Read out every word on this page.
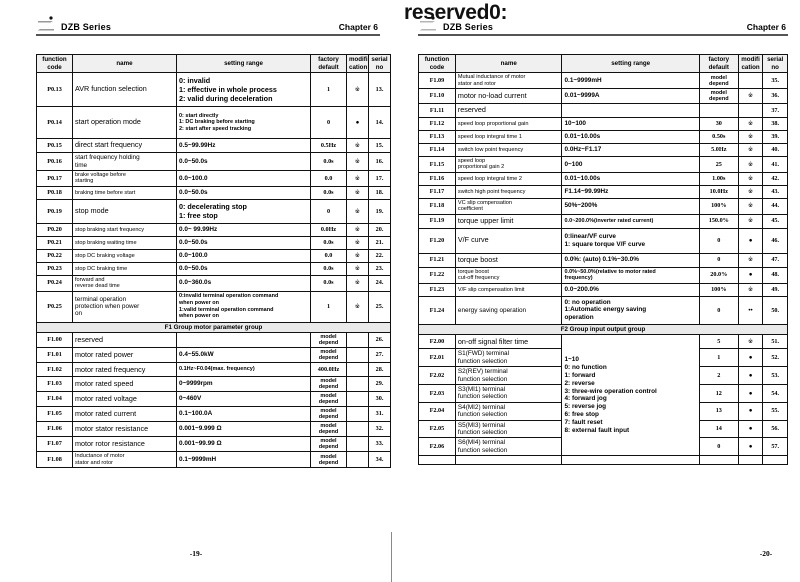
DZB Series	Chapter 6
function code	name	setting range	factory default	modifi cation	serial no
P0.13	AVR function selection	0: invalid
1: effective in whole process
2: valid during deceleration	1	※	13.
P0.14	start operation mode	0: start directly
1: DC braking before starting
2: start after speed tracking	0	●	14.
P0.15	direct start frequency	0.5~99.99Hz	0.5Hz	※	15.
P0.16	start frequency holding
time	0.0~50.0s	0.0s	※	16.
P0.17	brake voltage before
starting	0.0~100.0	0.0	※	17.
P0.18	braking time before start	0.0~50.0s	0.0s	※	18.
P0.19	stop mode	0: decelerating stop
1: free stop	0	※	19.
P0.20	stop braking start frequency	0.0~ 99.99Hz	0.0Hz	※	20.
P0.21	stop braking waiting time	0.0~50.0s	0.0s	※	21.
P0.22	stop DC braking voltage	0.0~100.0	0.0	※	22.
P0.23	stop DC braking time	0.0~50.0s	0.0s	※	23.
P0.24	forward and
reverse dead time	0.0~360.0s	0.0s	※	24.
P0.25	terminal operation
protection when power
on	0:invalid terminal operation command
when power on
1:valid terminal operation command
when power on	1	※	25.
F1 Group motor parameter group					
F1.00	reserved		model
depend		26.
F1.01	motor rated power	0.4~55.0kW	model
depend		27.
F1.02	motor rated frequency	0.1Hz~F0.04(max. frequency)	400.0Hz		28.
F1.03	motor rated speed	0~9999rpm	model
depend		29.
F1.04	motor rated voltage	0~460V	model
depend		30.
F1.05	motor rated current	0.1~100.0A	model
depend		31.
F1.06	motor stator resistance	0.001~9.999 Ω	model
depend		32.
F1.07	motor rotor resistance	0.001~99.99 Ω	model
depend		33.
F1.08	Inductance of motor
stator and rotor	0.1~9999mH	model
depend		34.
-19-
DZB Series	Chapter 6
function code	name	setting range	factory default	modifi cation	serial no
F1.09	Mutual inductance of motor
stator and rotor	0.1~9999mH	model
depend		35.
F1.10	motor no-load current	0.01~9999A	model
depend	※	36.
F1.11	reserved				37.
F1.12	speed loop proportional gain	10~100	30	※	38.
F1.13	speed loop integral time 1	0.01~10.00s	0.50s	※	39.
F1.14	switch low point frequency	0.0Hz~F1.17	5.0Hz	※	40.
F1.15	speed loop
proportional gain 2	0~100	25	※	41.
F1.16	speed loop integral time 2	0.01~10.00s	1.00s	※	42.
F1.17	switch high point frequency	F1.14~99.99Hz	10.0Hz	※	43.
F1.18	VC slip compensation
coefficient	50%~200%	100%	※	44.
F1.19	torque upper limit	0.0~200.0%(inverter rated current)	150.0%	※	45.
F1.20	V/F curve	0:linear/VF curve
1: square torque V/F curve	0	●	46.
F1.21	torque boost	0.0%: (auto) 0.1%~30.0%	0	※	47.
F1.22	torque boost
cut-off frequency	0.0%~50.0%(relative to motor rated
frequency)	20.0%	●	48.
F1.23	V/F slip compensation limit	0.0~200.0%	100%	※	49.
F1.24	energy saving operation	0: no operation
1:Automatic energy saving
operation	0	••	50.
F2 Group input output group					
F2.00	on-off signal filter time	1~10
0: no function
1: forward
2: reverse
3: three-wire operation control
4: forward jog
5: reverse jog
6: free stop
7: fault reset
8: external fault input	5	※	51.
F2.01	S1(FWD) terminal
function selection		1	●	52.
F2.02	S2(REV) terminal
function selection		2	●	53.
F2.03	S3(MI1) terminal
function selection		12	●	54.
F2.04	S4(MI2) terminal
function selection		13	●	55.
F2.05	S5(MI3) terminal
function selection		14	●	56.
F2.06	S6(MI4) terminal
function selection		0	●	57.

-20-
reserved0:
